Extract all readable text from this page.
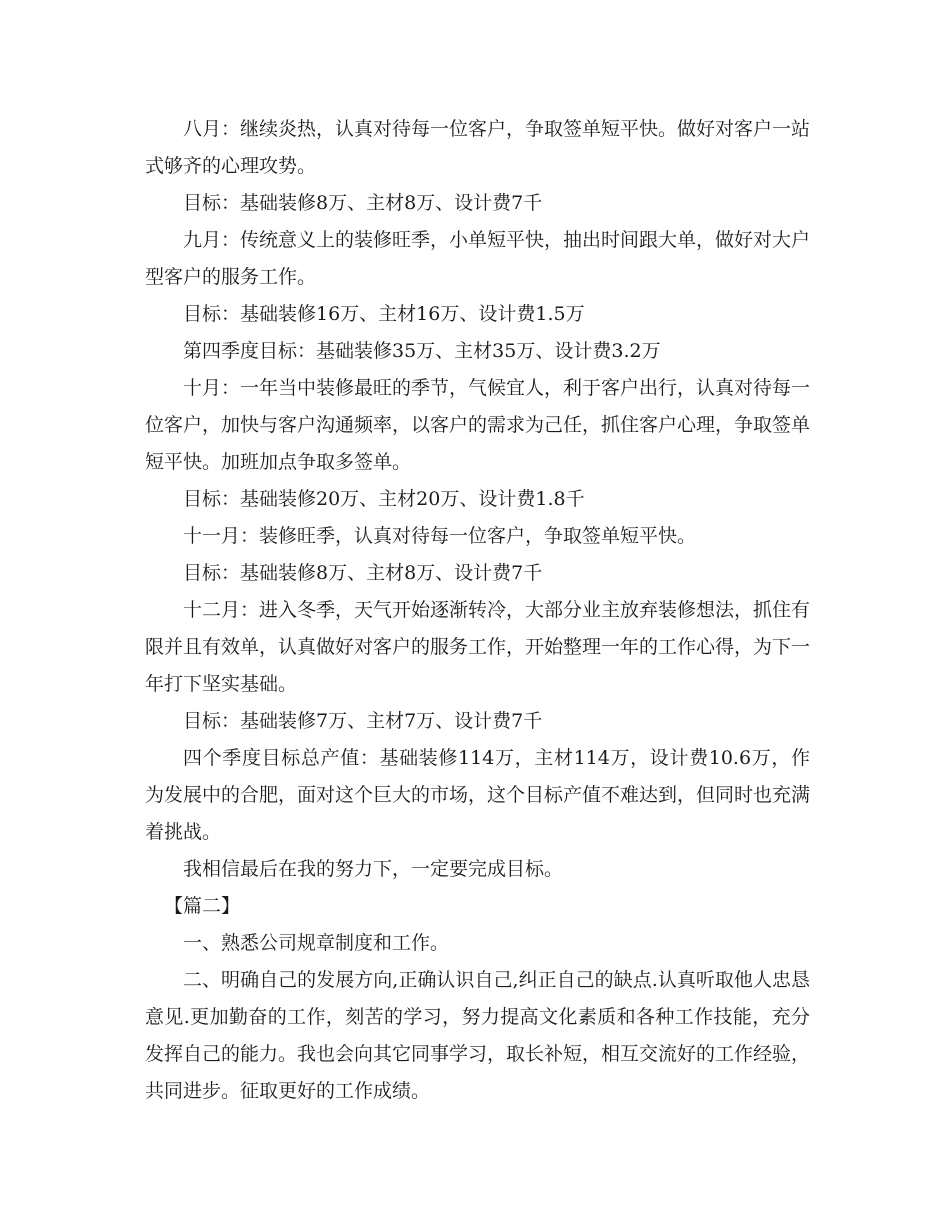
八月：继续炎热，认真对待每一位客户，争取签单短平快。做好对客户一站式够齐的心理攻势。

目标：基础装修8万、主材8万、设计费7千

九月：传统意义上的装修旺季，小单短平快，抽出时间跟大单，做好对大户型客户的服务工作。

目标：基础装修16万、主材16万、设计费1.5万

第四季度目标：基础装修35万、主材35万、设计费3.2万

十月：一年当中装修最旺的季节，气候宜人，利于客户出行，认真对待每一位客户，加快与客户沟通频率，以客户的需求为己任，抓住客户心理，争取签单短平快。加班加点争取多签单。

目标：基础装修20万、主材20万、设计费1.8千

十一月：装修旺季，认真对待每一位客户，争取签单短平快。

目标：基础装修8万、主材8万、设计费7千

十二月：进入冬季，天气开始逐渐转冷，大部分业主放弃装修想法，抓住有限并且有效单，认真做好对客户的服务工作，开始整理一年的工作心得，为下一年打下坚实基础。

目标：基础装修7万、主材7万、设计费7千

四个季度目标总产值：基础装修114万，主材114万，设计费10.6万，作为发展中的合肥，面对这个巨大的市场，这个目标产值不难达到，但同时也充满着挑战。

我相信最后在我的努力下，一定要完成目标。

【篇二】

一、熟悉公司规章制度和工作。

二、明确自己的发展方向,正确认识自己,纠正自己的缺点.认真听取他人忠恳意见.更加勤奋的工作，刻苦的学习，努力提高文化素质和各种工作技能，充分发挥自己的能力。我也会向其它同事学习，取长补短，相互交流好的工作经验，共同进步。征取更好的工作成绩。
